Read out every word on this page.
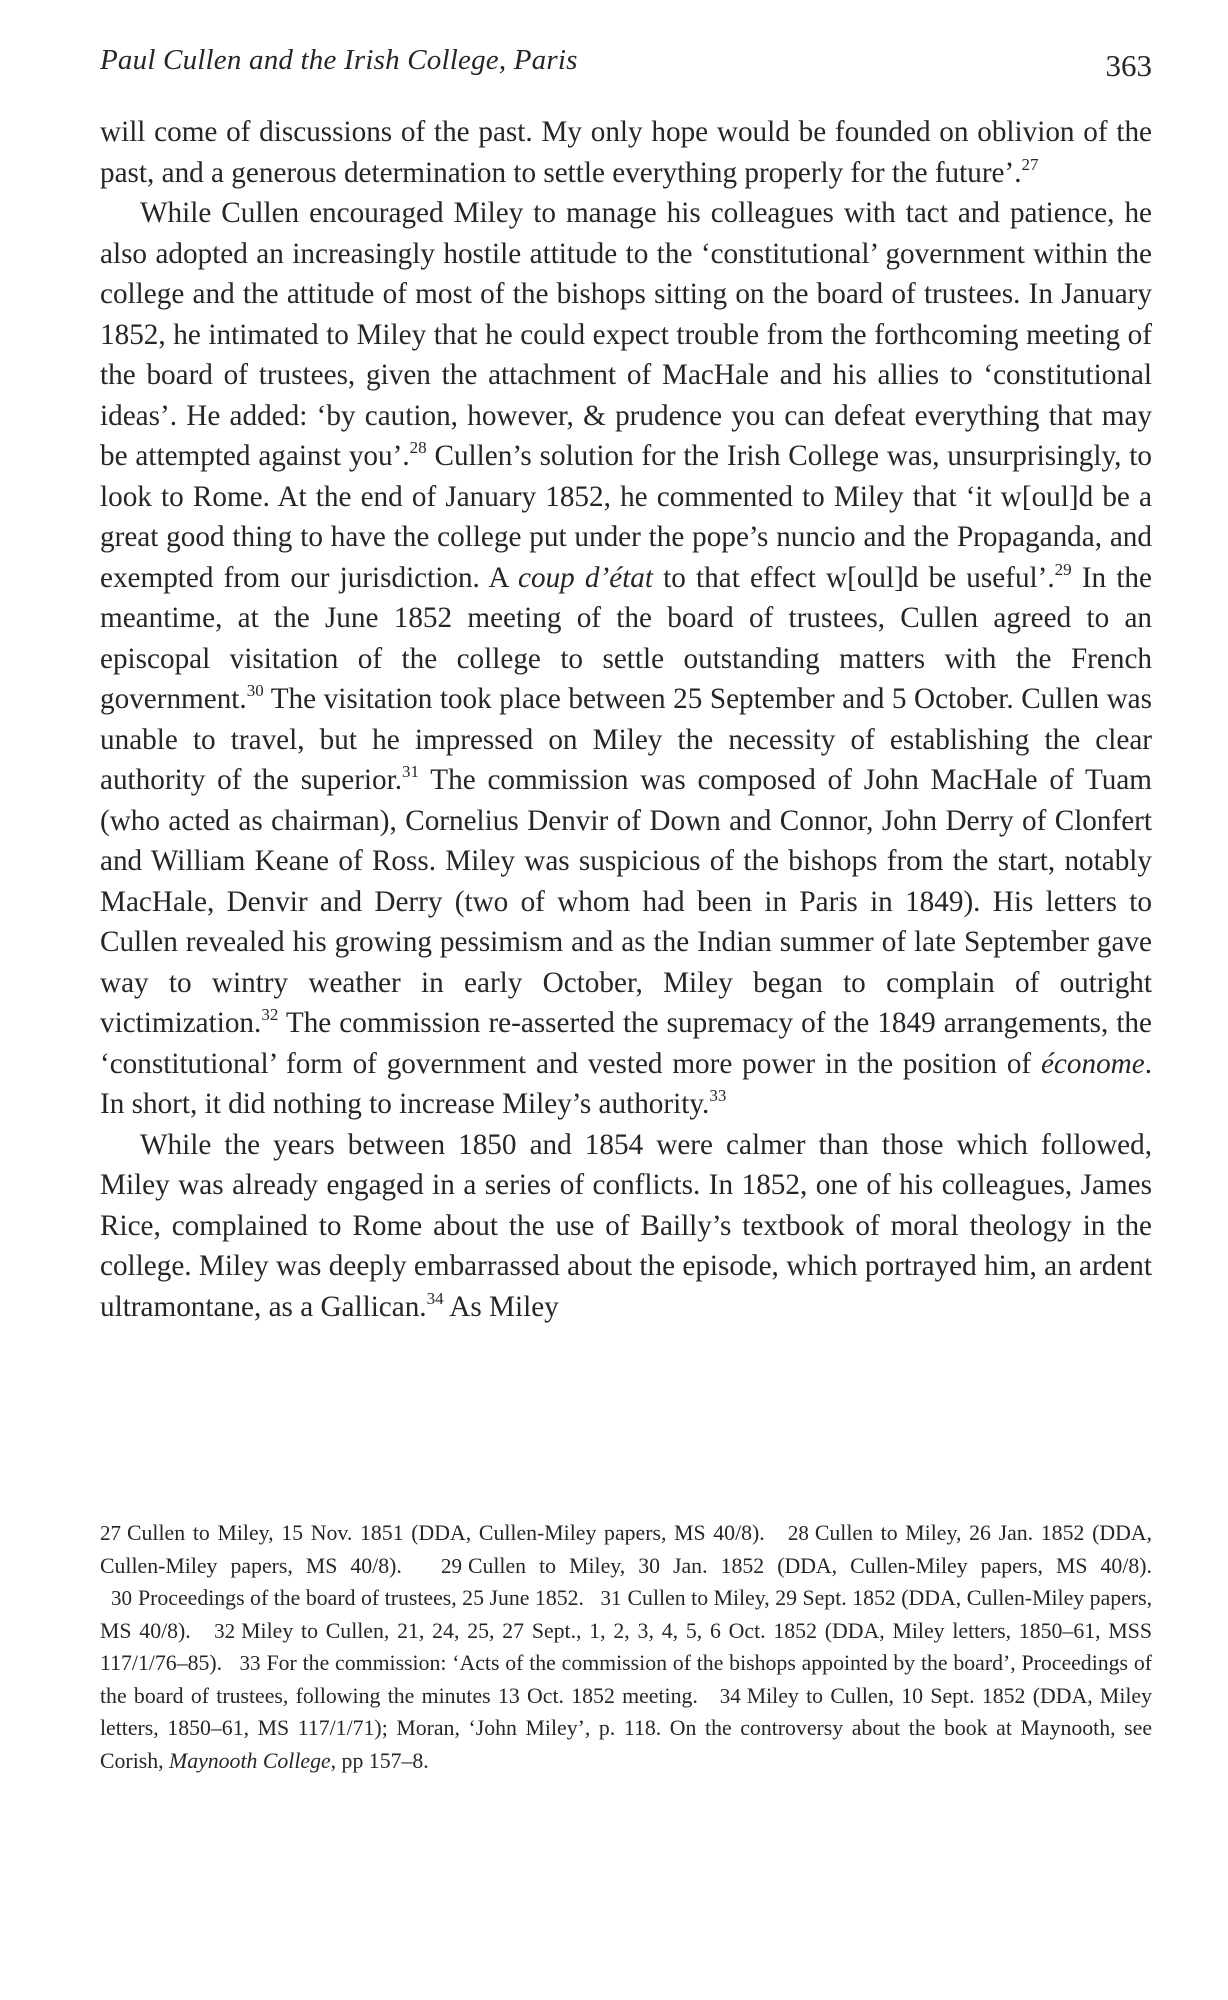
Paul Cullen and the Irish College, Paris	363

will come of discussions of the past. My only hope would be founded on oblivion of the past, and a generous determination to settle everything properly for the future’.$^{27}$

While Cullen encouraged Miley to manage his colleagues with tact and patience, he also adopted an increasingly hostile attitude to the ‘constitutional’ government within the college and the attitude of most of the bishops sitting on the board of trustees. In January 1852, he intimated to Miley that he could expect trouble from the forthcoming meeting of the board of trustees, given the attachment of MacHale and his allies to ‘constitutional ideas’. He added: ‘by caution, however, & prudence you can defeat everything that may be attempted against you’.$^{28}$ Cullen’s solution for the Irish College was, unsurprisingly, to look to Rome. At the end of January 1852, he commented to Miley that ‘it w[oul]d be a great good thing to have the college put under the pope’s nuncio and the Propaganda, and exempted from our jurisdiction. A coup d’état to that effect w[oul]d be useful’.$^{29}$ In the meantime, at the June 1852 meeting of the board of trustees, Cullen agreed to an episcopal visitation of the college to settle outstanding matters with the French government.$^{30}$ The visitation took place between 25 September and 5 October. Cullen was unable to travel, but he impressed on Miley the necessity of establishing the clear authority of the superior.$^{31}$ The commission was composed of John MacHale of Tuam (who acted as chairman), Cornelius Denvir of Down and Connor, John Derry of Clonfert and William Keane of Ross. Miley was suspicious of the bishops from the start, notably MacHale, Denvir and Derry (two of whom had been in Paris in 1849). His letters to Cullen revealed his growing pessimism and as the Indian summer of late September gave way to wintry weather in early October, Miley began to complain of outright victimization.$^{32}$ The commission re-asserted the supremacy of the 1849 arrangements, the ‘constitutional’ form of government and vested more power in the position of économe. In short, it did nothing to increase Miley’s authority.$^{33}$

While the years between 1850 and 1854 were calmer than those which followed, Miley was already engaged in a series of conflicts. In 1852, one of his colleagues, James Rice, complained to Rome about the use of Bailly’s textbook of moral theology in the college. Miley was deeply embarrassed about the episode, which portrayed him, an ardent ultramontane, as a Gallican.$^{34}$ As Miley

27 Cullen to Miley, 15 Nov. 1851 (DDA, Cullen-Miley papers, MS 40/8). 28 Cullen to Miley, 26 Jan. 1852 (DDA, Cullen-Miley papers, MS 40/8). 29 Cullen to Miley, 30 Jan. 1852 (DDA, Cullen-Miley papers, MS 40/8). 30 Proceedings of the board of trustees, 25 June 1852. 31 Cullen to Miley, 29 Sept. 1852 (DDA, Cullen-Miley papers, MS 40/8). 32 Miley to Cullen, 21, 24, 25, 27 Sept., 1, 2, 3, 4, 5, 6 Oct. 1852 (DDA, Miley letters, 1850–61, MSS 117/1/76–85). 33 For the commission: ‘Acts of the commission of the bishops appointed by the board’, Proceedings of the board of trustees, following the minutes 13 Oct. 1852 meeting. 34 Miley to Cullen, 10 Sept. 1852 (DDA, Miley letters, 1850–61, MS 117/1/71); Moran, ‘John Miley’, p. 118. On the controversy about the book at Maynooth, see Corish, Maynooth College, pp 157–8.
